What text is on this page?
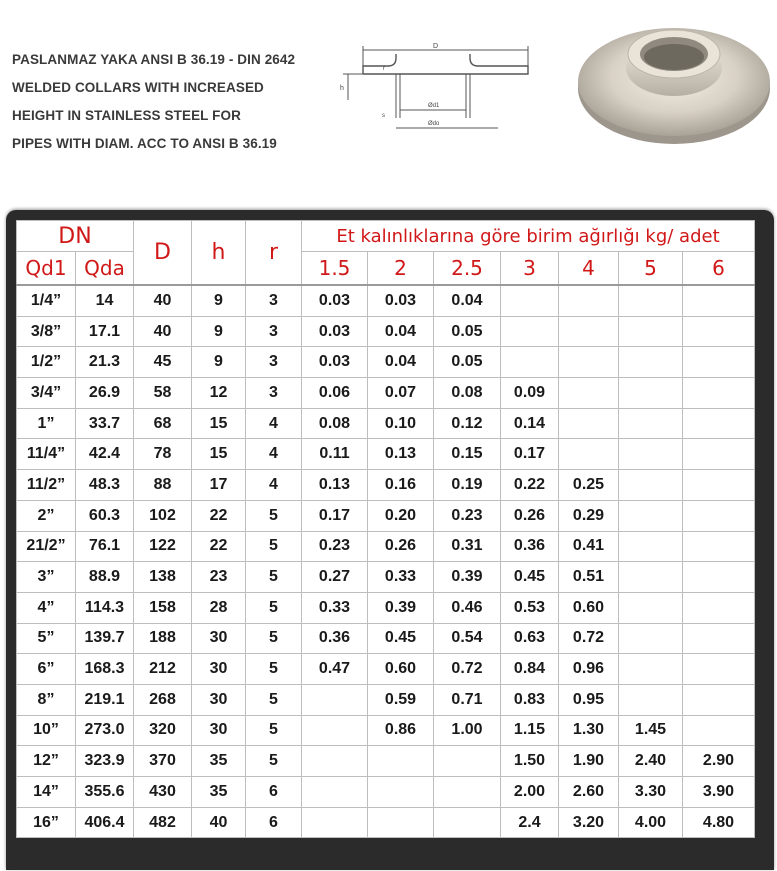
PASLANMAZ YAKA ANSI B 36.19 - DIN 2642
WELDED COLLARS WITH INCREASED
HEIGHT IN STAINLESS STEEL FOR
PIPES WITH DIAM. ACC TO ANSI B 36.19
D
r
h
s
Ød1
Ødo
DN		D	h	r	Et kalınlıklarına göre birim ağırlığı kg/ adet						
Qd1	Qda				1.5	2	2.5	3	4	5	6
1/4”	14	40	9	3	0.03	0.03	0.04				
3/8”	17.1	40	9	3	0.03	0.04	0.05				
1/2”	21.3	45	9	3	0.03	0.04	0.05				
3/4”	26.9	58	12	3	0.06	0.07	0.08	0.09			
1”	33.7	68	15	4	0.08	0.10	0.12	0.14			
11/4”	42.4	78	15	4	0.11	0.13	0.15	0.17			
11/2”	48.3	88	17	4	0.13	0.16	0.19	0.22	0.25		
2”	60.3	102	22	5	0.17	0.20	0.23	0.26	0.29		
21/2”	76.1	122	22	5	0.23	0.26	0.31	0.36	0.41		
3”	88.9	138	23	5	0.27	0.33	0.39	0.45	0.51		
4”	114.3	158	28	5	0.33	0.39	0.46	0.53	0.60		
5”	139.7	188	30	5	0.36	0.45	0.54	0.63	0.72		
6”	168.3	212	30	5	0.47	0.60	0.72	0.84	0.96		
8”	219.1	268	30	5		0.59	0.71	0.83	0.95		
10”	273.0	320	30	5		0.86	1.00	1.15	1.30	1.45	
12”	323.9	370	35	5				1.50	1.90	2.40	2.90
14”	355.6	430	35	6				2.00	2.60	3.30	3.90
16”	406.4	482	40	6				2.4	3.20	4.00	4.80
